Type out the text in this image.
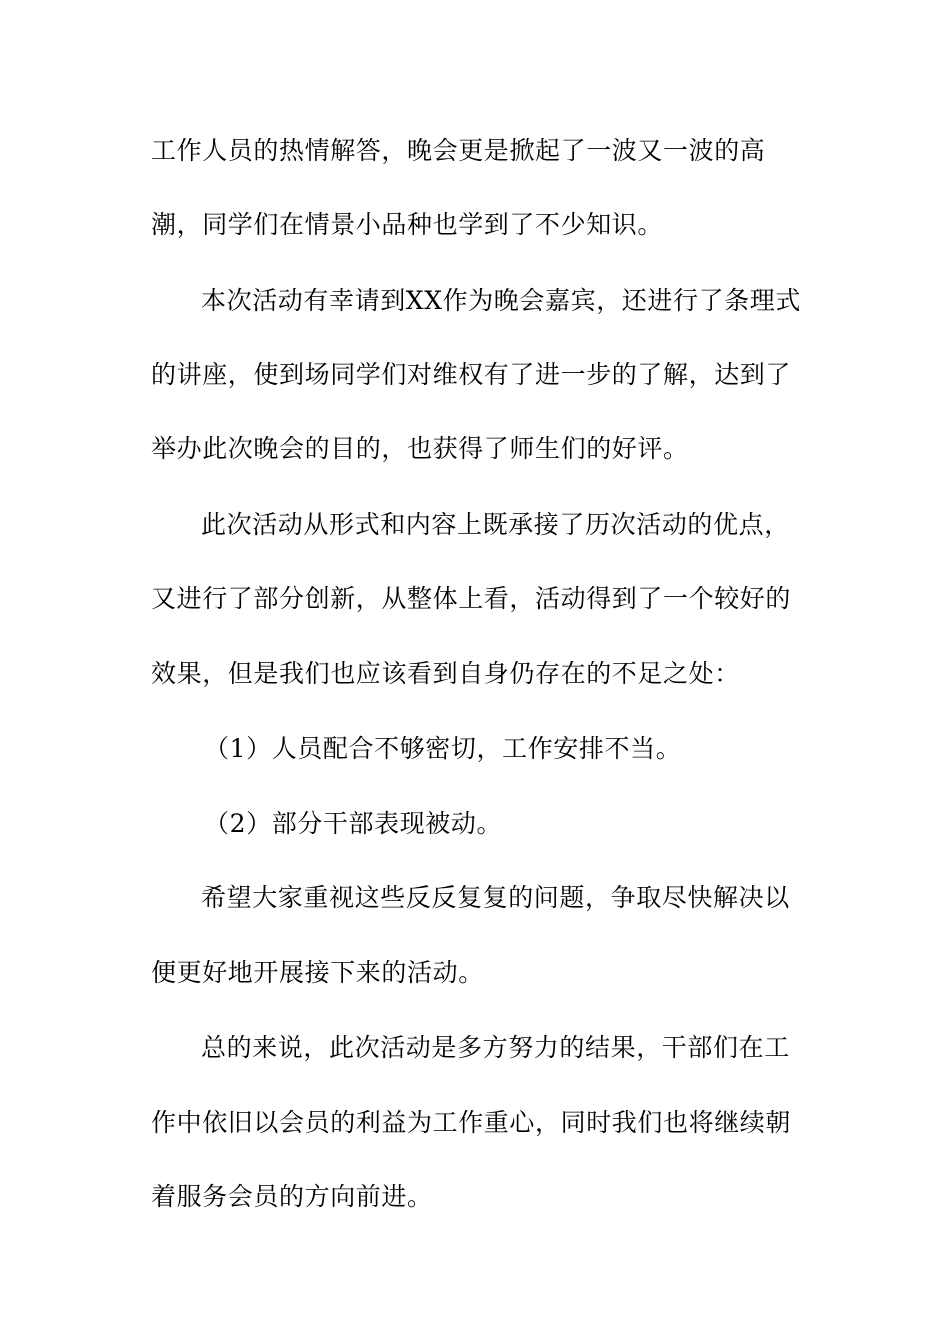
工作人员的热情解答，晚会更是掀起了一波又一波的高
潮，同学们在情景小品种也学到了不少知识。
本次活动有幸请到XX作为晚会嘉宾，还进行了条理式
的讲座，使到场同学们对维权有了进一步的了解，达到了
举办此次晚会的目的，也获得了师生们的好评。
此次活动从形式和内容上既承接了历次活动的优点，
又进行了部分创新，从整体上看，活动得到了一个较好的
效果，但是我们也应该看到自身仍存在的不足之处：
（1）人员配合不够密切，工作安排不当。
（2）部分干部表现被动。
希望大家重视这些反反复复的问题，争取尽快解决以
便更好地开展接下来的活动。
总的来说，此次活动是多方努力的结果，干部们在工
作中依旧以会员的利益为工作重心，同时我们也将继续朝
着服务会员的方向前进。
